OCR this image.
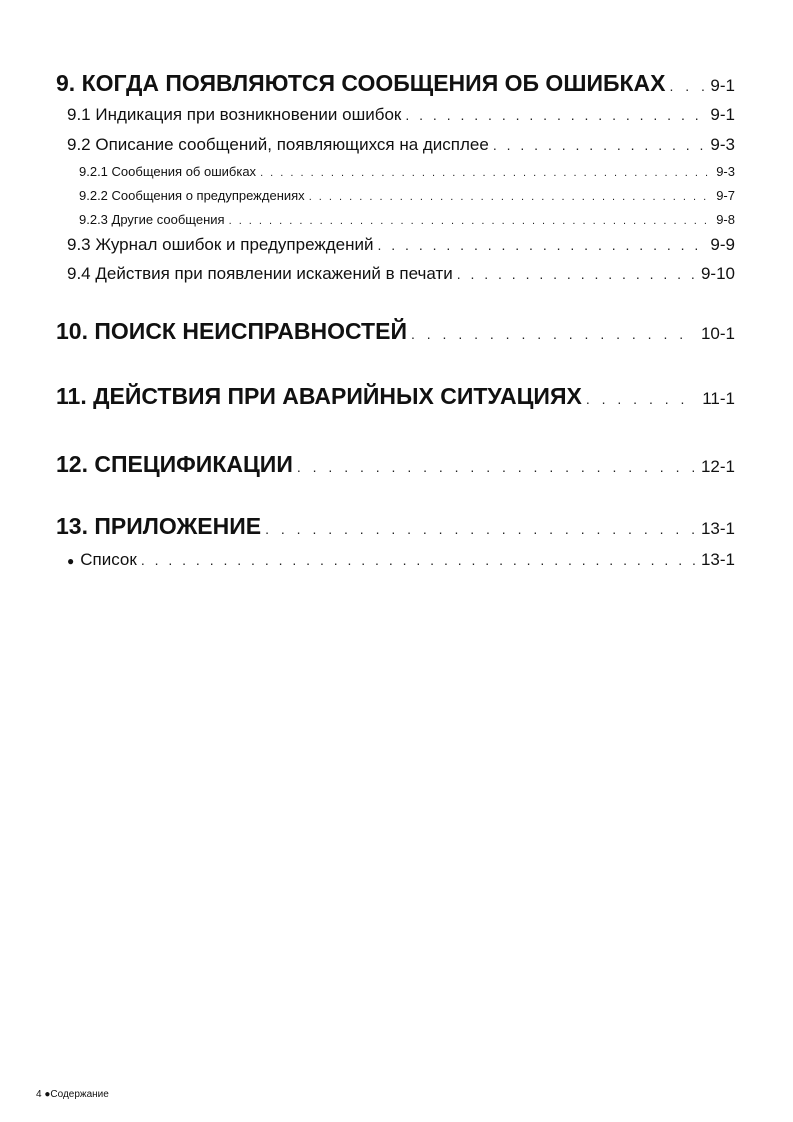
9. КОГДА ПОЯВЛЯЮТСЯ СООБЩЕНИЯ ОБ ОШИБКАХ . . .	9-1
9.1 Индикация при возникновении ошибок . . .	9-1
9.2 Описание сообщений, появляющихся на дисплее . . .	9-3
9.2.1 Сообщения об ошибках . . .	9-3
9.2.2 Сообщения о предупреждениях . . .	9-7
9.2.3 Другие сообщения . . .	9-8
9.3 Журнал ошибок и предупреждений . . .	9-9
9.4 Действия при появлении искажений в печати . . .	9-10
10. ПОИСК НЕИСПРАВНОСТЕЙ . . .	10-1
11. ДЕЙСТВИЯ ПРИ АВАРИЙНЫХ СИТУАЦИЯХ . . .	11-1
12. СПЕЦИФИКАЦИИ . . .	12-1
13. ПРИЛОЖЕНИЕ . . .	13-1
● Список . . .	13-1
4 ●Содержание
